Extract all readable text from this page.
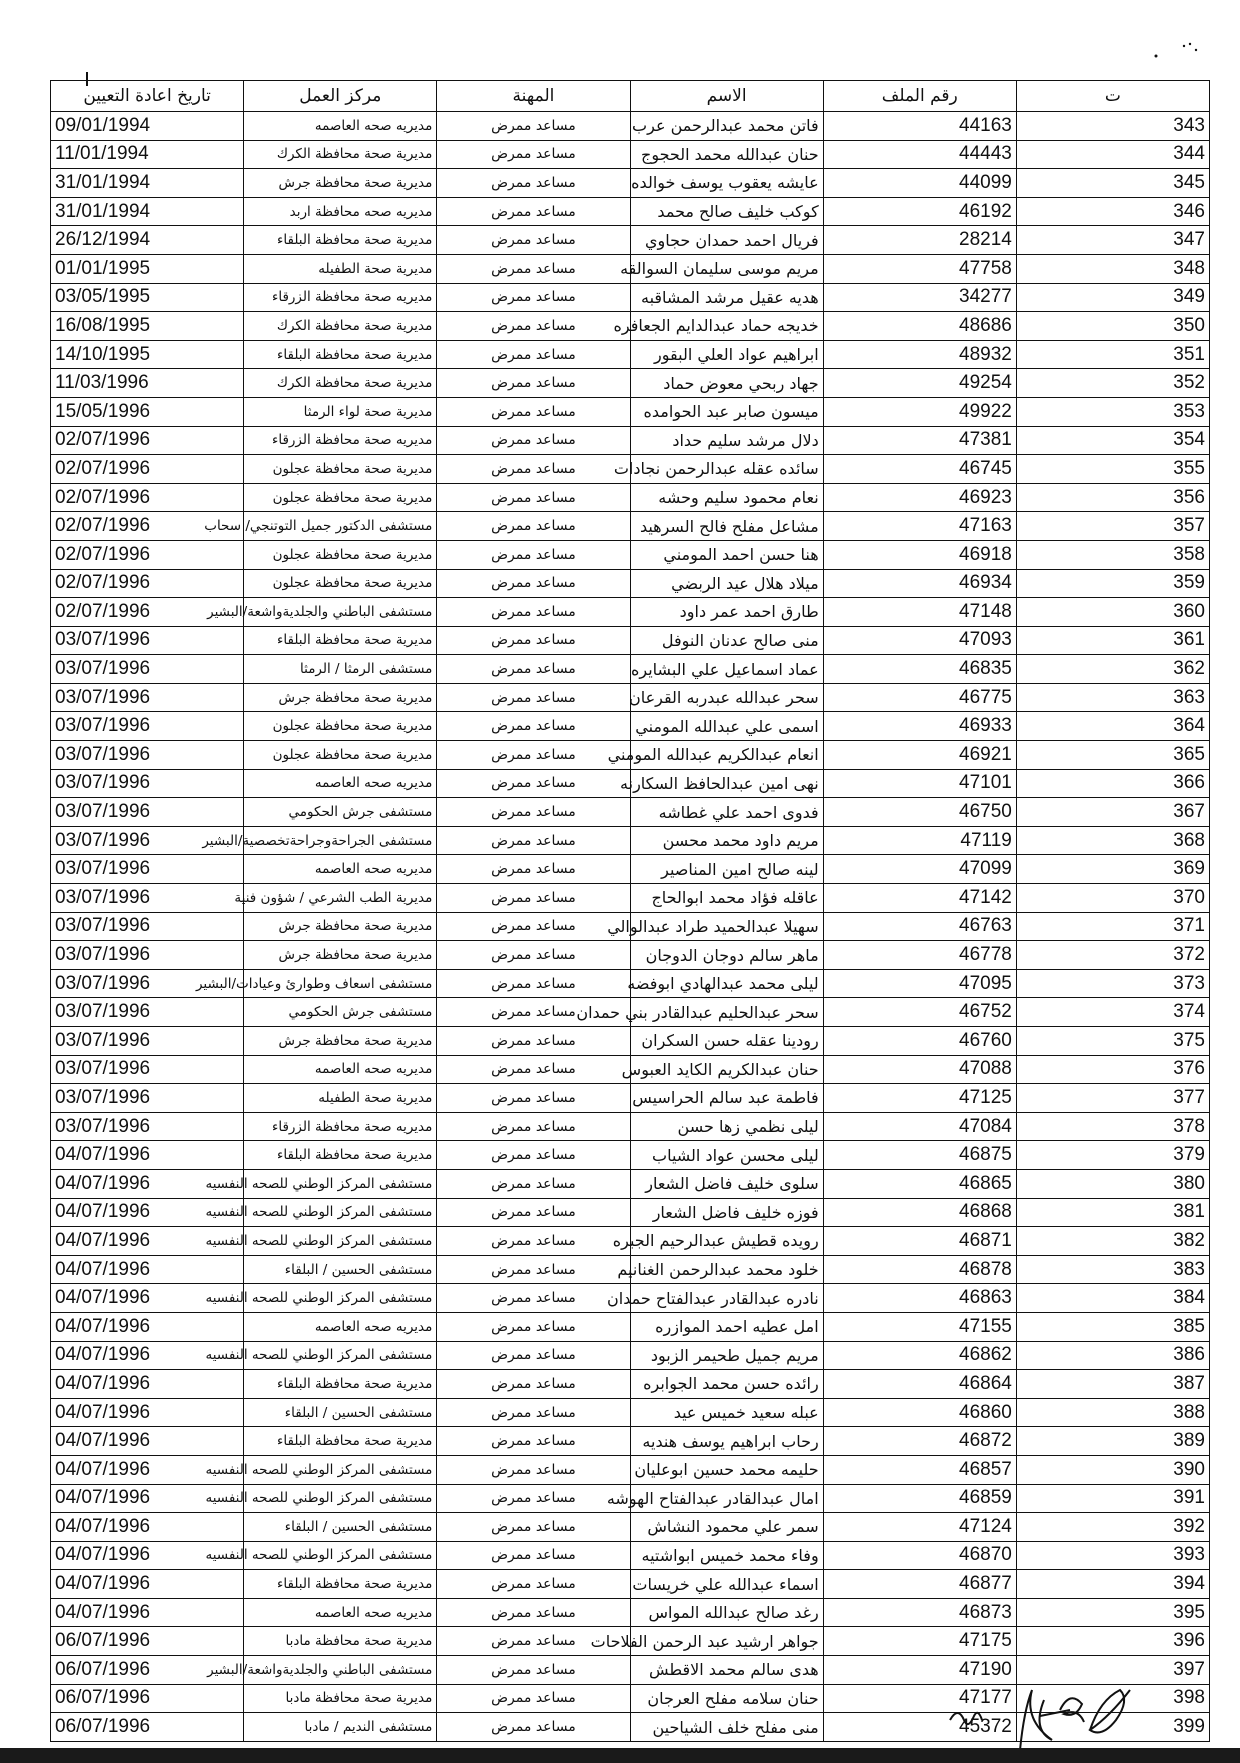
ت	رقم الملف	الاسم	المهنة	مركز العمل	تاريخ اعادة التعيين
343	44163	فاتن محمد عبدالرحمن عرب	مساعد ممرض	مديريه صحه العاصمه	09/01/1994
344	44443	حنان عبدالله محمد الحجوج	مساعد ممرض	مديرية صحة محافظة الكرك	11/01/1994
345	44099	عايشه يعقوب يوسف خوالده	مساعد ممرض	مديرية صحة محافظة جرش	31/01/1994
346	46192	كوكب خليف صالح محمد	مساعد ممرض	مديريه صحه محافظة اربد	31/01/1994
347	28214	فريال احمد حمدان حجاوي	مساعد ممرض	مديرية صحة محافظة البلقاء	26/12/1994
348	47758	مريم موسى سليمان السوالقه	مساعد ممرض	مديرية صحة الطفيله	01/01/1995
349	34277	هديه عقيل مرشد المشاقبه	مساعد ممرض	مديريه صحة محافظة الزرقاء	03/05/1995
350	48686	خديجه حماد عبدالدايم الجعافره	مساعد ممرض	مديرية صحة محافظة الكرك	16/08/1995
351	48932	ابراهيم عواد العلي البقور	مساعد ممرض	مديرية صحة محافظة البلقاء	14/10/1995
352	49254	جهاد ربحي معوض حماد	مساعد ممرض	مديرية صحة محافظة الكرك	11/03/1996
353	49922	ميسون صابر عبد الحوامده	مساعد ممرض	مديرية صحة لواء الرمثا	15/05/1996
354	47381	دلال مرشد سليم حداد	مساعد ممرض	مديريه صحة محافظة الزرقاء	02/07/1996
355	46745	سائده عقله عبدالرحمن نجادات	مساعد ممرض	مديرية صحة محافظة عجلون	02/07/1996
356	46923	نعام محمود سليم وحشه	مساعد ممرض	مديرية صحة محافظة عجلون	02/07/1996
357	47163	مشاعل مفلح فالح السرهيد	مساعد ممرض	مستشفى الدكتور جميل التوتنجي/ سحاب	02/07/1996
358	46918	هنا حسن احمد المومني	مساعد ممرض	مديرية صحة محافظة عجلون	02/07/1996
359	46934	ميلاد هلال عيد الربضي	مساعد ممرض	مديرية صحة محافظة عجلون	02/07/1996
360	47148	طارق احمد عمر داود	مساعد ممرض	مستشفى الباطني والجلديةواشعة/البشير	02/07/1996
361	47093	منى صالح عدنان النوفل	مساعد ممرض	مديرية صحة محافظة البلقاء	03/07/1996
362	46835	عماد اسماعيل علي البشايره	مساعد ممرض	مستشفى الرمثا / الرمثا	03/07/1996
363	46775	سحر عبدالله عبدربه القرعان	مساعد ممرض	مديرية صحة محافظة جرش	03/07/1996
364	46933	اسمى علي عبدالله المومني	مساعد ممرض	مديرية صحة محافظة عجلون	03/07/1996
365	46921	انعام عبدالكريم عبدالله المومني	مساعد ممرض	مديرية صحة محافظة عجلون	03/07/1996
366	47101	نهى امين عبدالحافظ السكارنه	مساعد ممرض	مديريه صحه العاصمه	03/07/1996
367	46750	فدوى احمد علي غطاشه	مساعد ممرض	مستشفى جرش الحكومي	03/07/1996
368	47119	مريم داود محمد محسن	مساعد ممرض	مستشفى الجراحةوجراحةتخصصية/البشير	03/07/1996
369	47099	لينه صالح امين المناصير	مساعد ممرض	مديريه صحه العاصمه	03/07/1996
370	47142	عاقله فؤاد محمد ابوالحاج	مساعد ممرض	مديرية الطب الشرعي / شؤون فنية	03/07/1996
371	46763	سهيلا عبدالحميد طراد عبدالوالي	مساعد ممرض	مديرية صحة محافظة جرش	03/07/1996
372	46778	ماهر سالم دوجان الدوجان	مساعد ممرض	مديرية صحة محافظة جرش	03/07/1996
373	47095	ليلى محمد عبدالهادي ابوفضه	مساعد ممرض	مستشفى اسعاف وطوارئ وعيادات/البشير	03/07/1996
374	46752	سحر عبدالحليم عبدالقادر بني حمدان	مساعد ممرض	مستشفى جرش الحكومي	03/07/1996
375	46760	رودينا عقله حسن السكران	مساعد ممرض	مديرية صحة محافظة جرش	03/07/1996
376	47088	حنان عبدالكريم الكايد العبوس	مساعد ممرض	مديريه صحه العاصمه	03/07/1996
377	47125	فاطمة عبد سالم الحراسيس	مساعد ممرض	مديرية صحة الطفيله	03/07/1996
378	47084	ليلى نظمي زها حسن	مساعد ممرض	مديريه صحة محافظة الزرقاء	03/07/1996
379	46875	ليلى محسن عواد الشياب	مساعد ممرض	مديرية صحة محافظة البلقاء	04/07/1996
380	46865	سلوى خليف فاضل الشعار	مساعد ممرض	مستشفى المركز الوطني للصحه النفسيه	04/07/1996
381	46868	فوزه خليف فاضل الشعار	مساعد ممرض	مستشفى المركز الوطني للصحه النفسيه	04/07/1996
382	46871	رويده قطيش عبدالرحيم الجبره	مساعد ممرض	مستشفى المركز الوطني للصحه النفسيه	04/07/1996
383	46878	خلود محمد عبدالرحمن الغنانيم	مساعد ممرض	مستشفى الحسين / البلقاء	04/07/1996
384	46863	نادره عبدالقادر عبدالفتاح حمدان	مساعد ممرض	مستشفى المركز الوطني للصحه النفسيه	04/07/1996
385	47155	امل عطيه احمد الموازره	مساعد ممرض	مديريه صحه العاصمه	04/07/1996
386	46862	مريم جميل طحيمر الزبود	مساعد ممرض	مستشفى المركز الوطني للصحه النفسيه	04/07/1996
387	46864	رائده حسن محمد الجوابره	مساعد ممرض	مديرية صحة محافظة البلقاء	04/07/1996
388	46860	عبله سعيد خميس عيد	مساعد ممرض	مستشفى الحسين / البلقاء	04/07/1996
389	46872	رحاب ابراهيم يوسف هنديه	مساعد ممرض	مديرية صحة محافظة البلقاء	04/07/1996
390	46857	حليمه محمد حسين ابوعليان	مساعد ممرض	مستشفى المركز الوطني للصحه النفسيه	04/07/1996
391	46859	امال عبدالقادر عبدالفتاح الهوشه	مساعد ممرض	مستشفى المركز الوطني للصحه النفسيه	04/07/1996
392	47124	سمر علي محمود النشاش	مساعد ممرض	مستشفى الحسين / البلقاء	04/07/1996
393	46870	وفاء محمد خميس ابواشتيه	مساعد ممرض	مستشفى المركز الوطني للصحه النفسيه	04/07/1996
394	46877	اسماء عبدالله علي خريسات	مساعد ممرض	مديرية صحة محافظة البلقاء	04/07/1996
395	46873	رغد صالح عبدالله المواس	مساعد ممرض	مديريه صحه العاصمه	04/07/1996
396	47175	جواهر ارشيد عبد الرحمن الفلاحات	مساعد ممرض	مديرية صحة محافظة مادبا	06/07/1996
397	47190	هدى سالم محمد الاقطش	مساعد ممرض	مستشفى الباطني والجلديةواشعة/البشير	06/07/1996
398	47177	حنان سلامه مفلح العرجان	مساعد ممرض	مديرية صحة محافظة مادبا	06/07/1996
399	45372	منى مفلح خلف الشياحين	مساعد ممرض	مستشفى النديم / مادبا	06/07/1996
